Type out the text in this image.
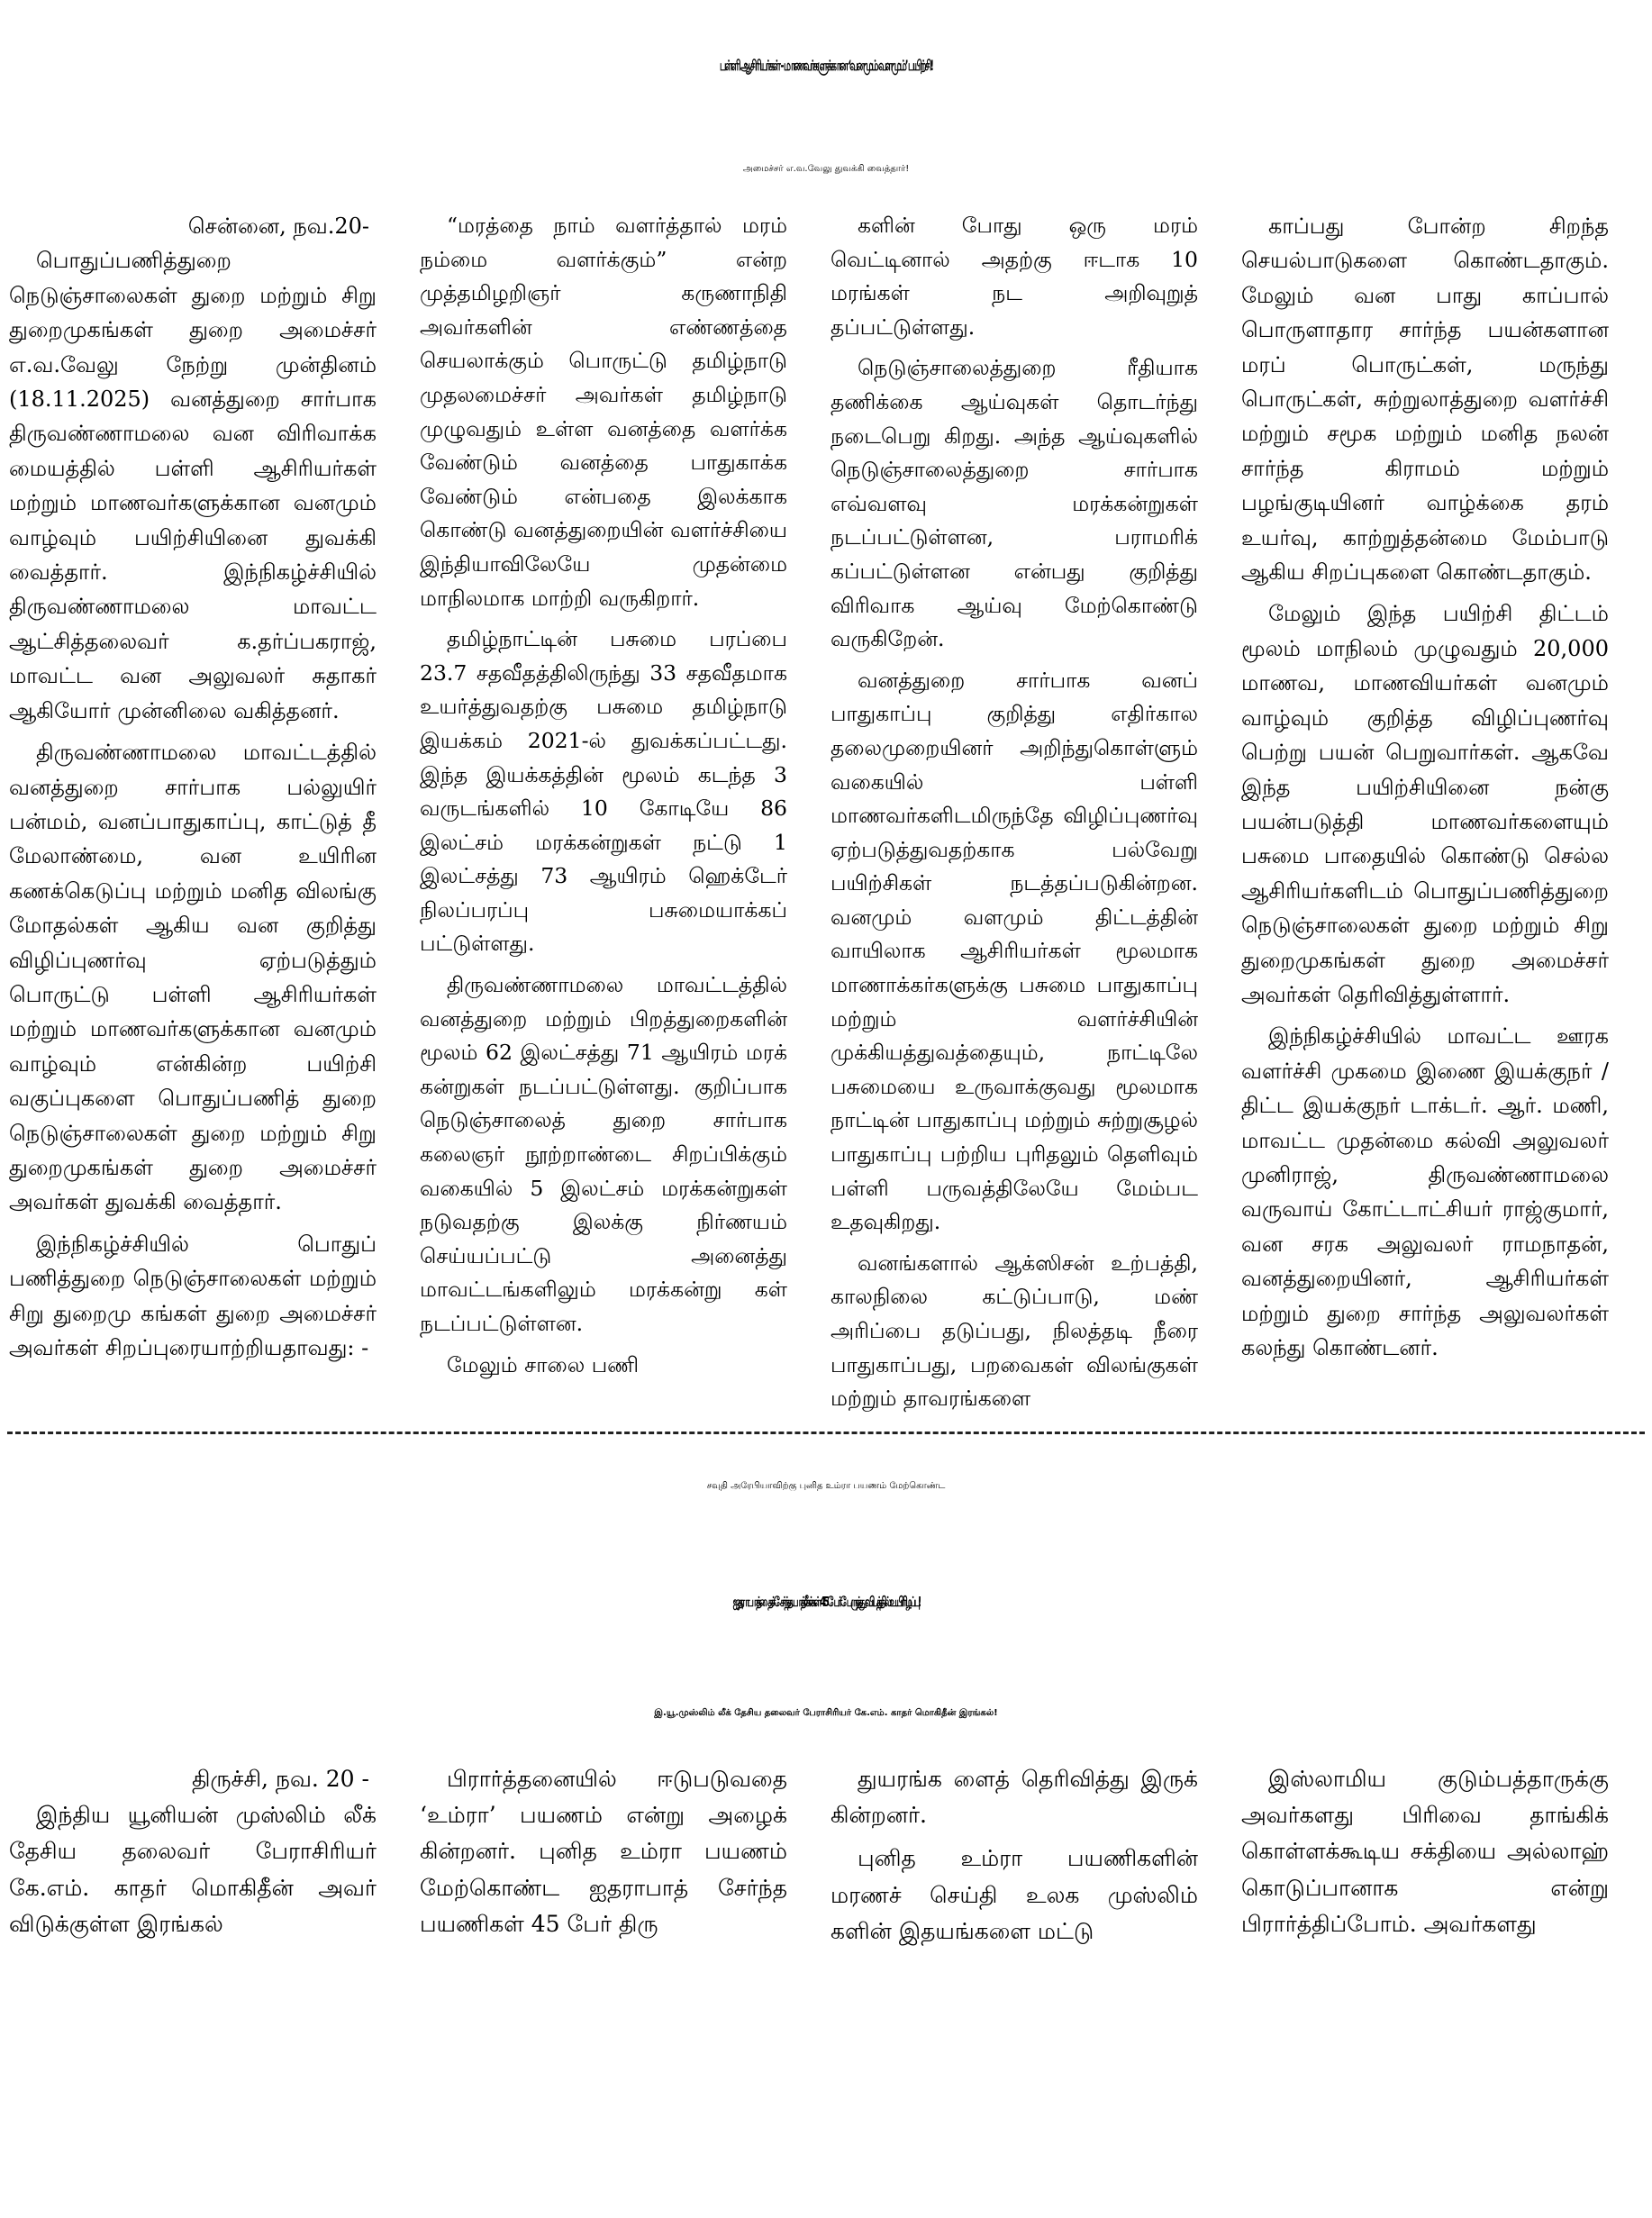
பள்ளி ஆசிரியர்கள் - மாணவர்களுக்கான ‘வனமும் வளமும்’ பயிற்சி!
அமைச்சர் எ.வ.வேலு துவக்கி வைத்தார்!

சென்னை, நவ.20-

பொதுப்பணித்துறை நெடுஞ்சாலைகள் துறை மற்றும் சிறு துறைமுகங்கள் துறை அமைச்சர் எ.வ.வேலு நேற்று முன்தினம் (18.11.2025) வனத்துறை சார்பாக திருவண்ணாமலை வன விரிவாக்க மையத்தில் பள்ளி ஆசிரியர்கள் மற்றும் மாணவர்களுக்கான வனமும் வாழ்வும் பயிற்சியினை துவக்கி வைத்தார். இந்நிகழ்ச்சியில் திருவண்ணாமலை மாவட்ட ஆட்சித்தலைவர் க.தர்ப்பகராஜ், மாவட்ட வன அலுவலர் சுதாகர் ஆகியோர் முன்னிலை வகித்தனர்.

திருவண்ணாமலை மாவட்டத்தில் வனத்துறை சார்பாக பல்லுயிர் பன்மம், வனப்பாதுகாப்பு, காட்டுத் தீ மேலாண்மை, வன உயிரின கணக்கெடுப்பு மற்றும் மனித விலங்கு மோதல்கள் ஆகிய வன குறித்து விழிப்புணர்வு ஏற்படுத்தும் பொருட்டு பள்ளி ஆசிரியர்கள் மற்றும் மாணவர்களுக்கான வனமும் வாழ்வும் என்கின்ற பயிற்சி வகுப்புகளை பொதுப்பணித் துறை நெடுஞ்சாலைகள் துறை மற்றும் சிறு துறைமுகங்கள் துறை அமைச்சர் அவர்கள் துவக்கி வைத்தார்.

இந்நிகழ்ச்சியில் பொதுப் பணித்துறை நெடுஞ்சாலைகள் மற்றும் சிறு துறைமு கங்கள் துறை அமைச்சர் அவர்கள் சிறப்புரையாற்றியதாவது: -

“மரத்தை நாம் வளர்த்தால் மரம் நம்மை வளர்க்கும்” என்ற முத்தமிழறிஞர் கருணாநிதி அவர்களின் எண்ணத்தை செயலாக்கும் பொருட்டு தமிழ்நாடு முதலமைச்சர் அவர்கள் தமிழ்நாடு முழுவதும் உள்ள வனத்தை வளர்க்க வேண்டும் வனத்தை பாதுகாக்க வேண்டும் என்பதை இலக்காக கொண்டு வனத்துறையின் வளர்ச்சியை இந்தியாவிலேயே முதன்மை மாநிலமாக மாற்றி வருகிறார்.

தமிழ்நாட்டின் பசுமை பரப்பை 23.7 சதவீதத்திலிருந்து 33 சதவீதமாக உயர்த்துவதற்கு பசுமை தமிழ்நாடு இயக்கம் 2021-ல் துவக்கப்பட்டது. இந்த இயக்கத்தின் மூலம் கடந்த 3 வருடங்களில் 10 கோடியே 86 இலட்சம் மரக்கன்றுகள் நட்டு 1 இலட்சத்து 73 ஆயிரம் ஹெக்டேர் நிலப்பரப்பு பசுமையாக்கப் பட்டுள்ளது.

திருவண்ணாமலை மாவட்டத்தில் வனத்துறை மற்றும் பிறத்துறைகளின் மூலம் 62 இலட்சத்து 71 ஆயிரம் மரக் கன்றுகள் நடப்பட்டுள்ளது. குறிப்பாக நெடுஞ்சாலைத் துறை சார்பாக கலைஞர் நூற்றாண்டை சிறப்பிக்கும் வகையில் 5 இலட்சம் மரக்கன்றுகள் நடுவதற்கு இலக்கு நிர்ணயம் செய்யப்பட்டு அனைத்து மாவட்டங்களிலும் மரக்கன்று கள் நடப்பட்டுள்ளன.

மேலும் சாலை பணி

களின் போது ஒரு மரம் வெட்டினால் அதற்கு ஈடாக 10 மரங்கள் நட அறிவுறுத் தப்பட்டுள்ளது.

நெடுஞ்சாலைத்துறை ரீதியாக தணிக்கை ஆய்வுகள் தொடர்ந்து நடைபெறு கிறது. அந்த ஆய்வுகளில் நெடுஞ்சாலைத்துறை சார்பாக எவ்வளவு மரக்கன்றுகள் நடப்பட்டுள்ளன, பராமரிக் கப்பட்டுள்ளன என்பது குறித்து விரிவாக ஆய்வு மேற்கொண்டு வருகிறேன்.

வனத்துறை சார்பாக வனப் பாதுகாப்பு குறித்து எதிர்கால தலைமுறையினர் அறிந்துகொள்ளும் வகையில் பள்ளி மாணவர்களிடமிருந்தே விழிப்புணர்வு ஏற்படுத்துவதற்காக பல்வேறு பயிற்சிகள் நடத்தப்படுகின்றன. வனமும் வளமும் திட்டத்தின் வாயிலாக ஆசிரியர்கள் மூலமாக மாணாக்கர்களுக்கு பசுமை பாதுகாப்பு மற்றும் வளர்ச்சியின் முக்கியத்துவத்தையும், நாட்டிலே பசுமையை உருவாக்குவது மூலமாக நாட்டின் பாதுகாப்பு மற்றும் சுற்றுசூழல் பாதுகாப்பு பற்றிய புரிதலும் தெளிவும் பள்ளி பருவத்திலேயே மேம்பட உதவுகிறது.

வனங்களால் ஆக்ஸிசன் உற்பத்தி, காலநிலை கட்டுப்பாடு, மண் அரிப்பை தடுப்பது, நிலத்தடி நீரை பாதுகாப்பது, பறவைகள் விலங்குகள் மற்றும் தாவரங்களை

காப்பது போன்ற சிறந்த செயல்பாடுகளை கொண்டதாகும். மேலும் வன பாது காப்பால் பொருளாதார சார்ந்த பயன்களான மரப் பொருட்கள், மருந்து பொருட்கள், சுற்றுலாத்துறை வளர்ச்சி மற்றும் சமூக மற்றும் மனித நலன் சார்ந்த கிராமம் மற்றும் பழங்குடியினர் வாழ்க்கை தரம் உயர்வு, காற்றுத்தன்மை மேம்பாடு ஆகிய சிறப்புகளை கொண்டதாகும்.

மேலும் இந்த பயிற்சி திட்டம் மூலம் மாநிலம் முழுவதும் 20,000 மாணவ, மாணவியர்கள் வனமும் வாழ்வும் குறித்த விழிப்புணர்வு பெற்று பயன் பெறுவார்கள். ஆகவே இந்த பயிற்சியினை நன்கு பயன்படுத்தி மாணவர்களையும் பசுமை பாதையில் கொண்டு செல்ல ஆசிரியர்களிடம் பொதுப்பணித்துறை நெடுஞ்சாலைகள் துறை மற்றும் சிறு துறைமுகங்கள் துறை அமைச்சர் அவர்கள் தெரிவித்துள்ளார்.

இந்நிகழ்ச்சியில் மாவட்ட ஊரக வளர்ச்சி முகமை இணை இயக்குநர் / திட்ட இயக்குநர் டாக்டர். ஆர். மணி, மாவட்ட முதன்மை கல்வி அலுவலர் முனிராஜ், திருவண்ணாமலை வருவாய் கோட்டாட்சியர் ராஜ்குமார், வன சரக அலுவலர் ராமநாதன், வனத்துறையினர், ஆசிரியர்கள் மற்றும் துறை சார்ந்த அலுவலர்கள் கலந்து கொண்டனர்.

சவுதி அரேபியாவிற்கு புனித உம்ரா பயணம் மேற்கொண்ட
ஐதராபாத்தைச் சேர்ந்த யாத்ரீகர்கள் 45 பேர் பேருந்து விபத்தில் உயிரிழப்பு!
இ.யூ.முஸ்லிம் லீக் தேசிய தலைவர் பேராசிரியர் கே.எம். காதர் மொகிதீன் இரங்கல்!

திருச்சி, நவ. 20 -

இந்திய யூனியன் முஸ்லிம் லீக் தேசிய தலைவர் பேராசிரியர் கே.எம். காதர் மொகிதீன் அவர் விடுக்குள்ள இரங்கல்

பிரார்த்தனையில் ஈடுபடுவதை ‘உம்ரா’ பயணம் என்று அழைக் கின்றனர். புனித உம்ரா பயணம் மேற்கொண்ட ஐதராபாத் சேர்ந்த பயணிகள் 45 பேர் திரு

துயரங்க ளைத் தெரிவித்து இருக் கின்றனர்.

புனித உம்ரா பயணிகளின் மரணச் செய்தி உலக முஸ்லிம் களின் இதயங்களை மட்டு

இஸ்லாமிய குடும்பத்தாருக்கு அவர்களது பிரிவை தாங்கிக் கொள்ளக்கூடிய சக்தியை அல்லாஹ் கொடுப்பானாக என்று பிரார்த்திப்போம். அவர்களது
